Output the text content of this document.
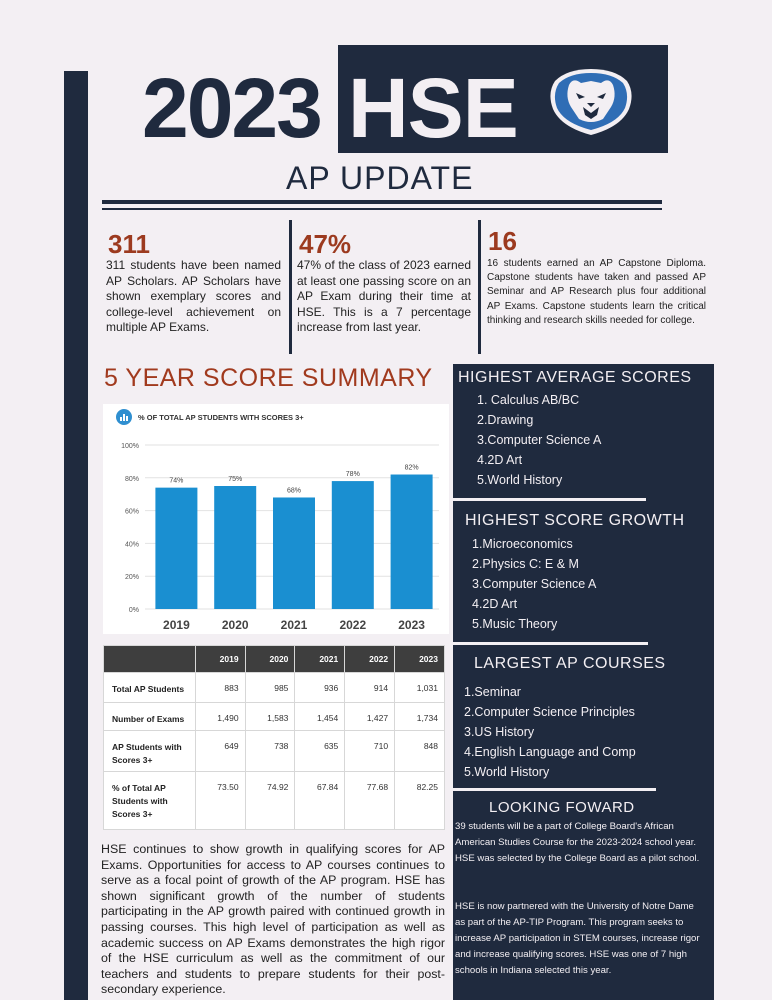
2023 HSE
AP UPDATE
311
311 students have been named AP Scholars. AP Scholars have shown exemplary scores and college-level achievement on multiple AP Exams.
47%
47% of the class of 2023 earned at least one passing score on an AP Exam during their time at HSE. This is a 7 percentage increase from last year.
16
16 students earned an AP Capstone Diploma. Capstone students have taken and passed AP Seminar and AP Research plus four additional AP Exams. Capstone students learn the critical thinking and research skills needed for college.
5 YEAR SCORE SUMMARY
% OF TOTAL AP STUDENTS WITH SCORES 3+
0%
20%
40%
60%
80%
100%
74%
2019
75%
2020
68%
2021
78%
2022
82%
2023
	2019	2020	2021	2022	2023
Total AP Students	883	985	936	914	1,031
Number of Exams	1,490	1,583	1,454	1,427	1,734
AP Students with Scores 3+	649	738	635	710	848
% of Total AP Students with Scores 3+	73.50	74.92	67.84	77.68	82.25
HSE continues to show growth in qualifying scores for AP Exams. Opportunities for access to AP courses continues to serve as a focal point of growth of the AP program. HSE has shown significant growth of the number of students participating in the AP growth paired with continued growth in passing courses. This high level of participation as well as academic success on AP Exams demonstrates the high rigor of the HSE curriculum as well as the commitment of our teachers and students to prepare students for their post-secondary experience.
HIGHEST AVERAGE SCORES
1. Calculus AB/BC
2.Drawing
3.Computer Science A
4.2D Art
5.World History
HIGHEST SCORE GROWTH
1.Microeconomics
2.Physics C: E & M
3.Computer Science A
4.2D Art
5.Music Theory
LARGEST AP COURSES
1.Seminar
2.Computer Science Principles
3.US History
4.English Language and Comp
5.World History
LOOKING FOWARD
39 students will be a part of College Board's African American Studies Course for the 2023-2024 school year. HSE was selected by the College Board as a pilot school.
HSE is now partnered with the University of Notre Dame as part of the AP-TIP Program. This program seeks to increase AP participation in STEM courses, increase rigor and increase qualifying scores. HSE was one of 7 high schools in Indiana selected this year.
